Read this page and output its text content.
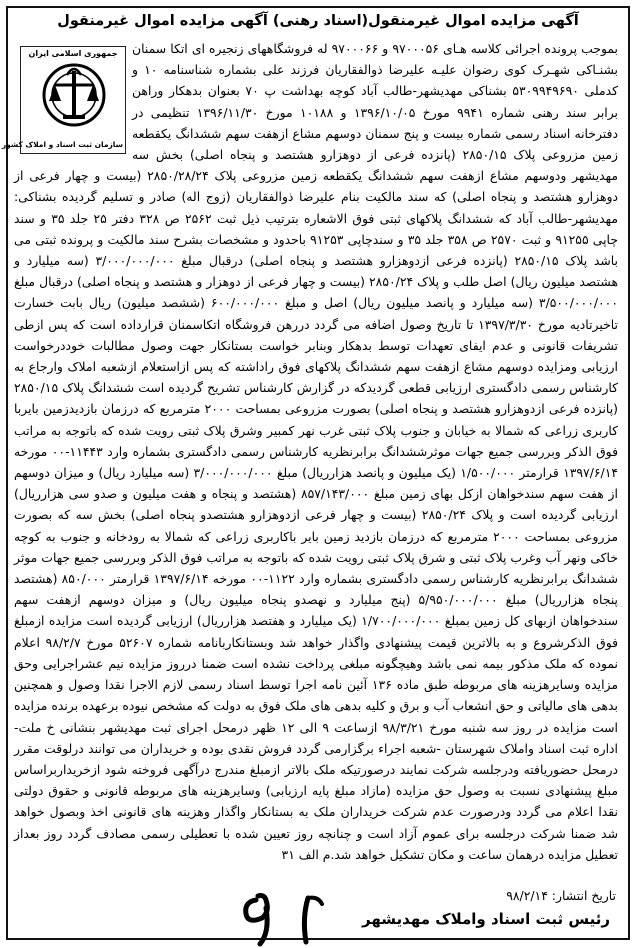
آگهی مزایده اموال غیرمنقول(اسناد رهنی) آگهی مزایده اموال غیرمنقول
جمهوری اسلامی ایران
سازمان ثبت اسناد و املاک کشور

بموجب پرونده اجرائی کلاسه هـای ۹۷۰۰۰۵۶ و ۹۷۰۰۰۶۶ له فروشگاههای زنجیره ای اتکا سمنان بشنـاکی شهـرک کوی رضوان علیـه علیرضا ذوالفقاریان فرزند علی بشماره شناسنامه ۱۰ و کدملی ۵۳۰۹۹۴۹۶۹۰ بشناکی مهدیشهر-طالب آباد کوچه بهداشت پ ۷۰ بعنوان بدهکار وراهن برابر سند رهنی شماره ۹۹۴۱ مورخ ۱۳۹۶/۱۰/۰۵ و ۱۰۱۸۸ مورخ ۱۳۹۶/۱۱/۳۰ تنظیمی در دفترخانه اسناد رسمی شماره بیست و پنج سمنان دوسهم مشاع ازهفت سهم ششدانگ یکقطعه زمین مزروعی پلاک ۲۸۵۰/۱۵ (پانزده فرعی از دوهزارو هشتصد و پنجاه اصلی) بخش سه مهدیشهر ودوسهم مشاع ازهفت سهم ششدانگ یکقطعه زمین مزروعی پلاک ۲۸۵۰/۲۸/۲۴ (بیست و چهار فرعی از دوهزارو هشتصد و پنجاه اصلی) که سند مالکیت بنام علیرضا ذوالفقاریان (زوج اله) صادر و تسلیم گردیده بشناکی: مهدیشهر-طالب آباد که ششدانگ پلاکهای ثبتی فوق الاشعاره بترتیب ذیل ثبت ۲۵۶۲ ص ۳۲۸ دفتر ۲۵ جلد ۳۵ و سند چاپی ۹۱۲۵۵ و ثبت ۲۵۷۰ ص ۳۵۸ جلد ۳۵ و سندچاپی ۹۱۲۵۳ باحدود و مشخصات بشرح سند مالکیت و پرونده ثبتی می باشد پلاک ۲۸۵۰/۱۵ (پانزده فرعی ازدوهزارو هشتصد و پنجاه اصلی) درقبال مبلغ ۳/۰۰۰/۰۰۰/۰۰۰ (سه میلیارد و هشتصد میلیون ریال) اصل طلب و پلاک ۲۸۵۰/۲۴ (بیست و چهار فرعی از دوهزار و هشتصد و پنجاه اصلی) درقبال مبلغ ۳/۵۰۰/۰۰۰/۰۰۰ (سه میلیارد و پانصد میلیون ریال) اصل و مبلغ ۶۰۰/۰۰۰/۰۰۰ (ششصد میلیون) ریال بابت خسارت تاخیرتادیه مورخ ۱۳۹۷/۳/۳۰ تا تاریخ وصول اضافه می گردد دررهن فروشگاه اتکاسمنان قرارداده است که پس ازطی تشریفات قانونی و عدم ایفای تعهدات توسط بدهکار وبنابر خواست بستانکار جهت وصول مطالبات خوددرخواست ارزیابی ومزایده دوسهم مشاع ازهفت سهم ششدانگ پلاکهای فوق راداشته که پس ازاستعلام ازشعبه املاک وارجاع به کارشناس رسمی دادگستری ارزیابی قطعی گردیدکه در گزارش کارشناس تشریح گردیده است ششدانگ پلاک ۲۸۵۰/۱۵ (پانزده فرعی ازدوهزارو هشتصد و پنجاه اصلی) بصورت مزروعی بمساحت ۲۰۰۰ مترمربع که درزمان بازدیدزمین بایربا کاربری زراعی که شمالا به خیابان و جنوب پلاک ثبتی غرب نهر کمبیر وشرق پلاک ثبتی رویت شده که باتوجه به مراتب فوق الذکر وبررسی جمیع جهات موثرششدانگ برابرنظریه کارشناس رسمی دادگستری بشماره وارد ۱۱۴۴۳-۰۰ مورخه ۱۳۹۷/۶/۱۴ قرارمتر ۱/۵۰۰/۰۰۰ (یک میلیون و پانصد هزارریال) مبلغ ۳/۰۰۰/۰۰۰/۰۰۰ (سه میلیارد ریال) و میزان دوسهم از هفت سهم سندخواهان ازکل بهای زمین مبلغ ۸۵۷/۱۴۳/۰۰۰ (هشتصد و پنجاه و هفت میلیون و صدو سی هزارریال) ارزیابی گردیده است و پلاک ۲۸۵۰/۲۴ (بیست و چهار فرعی ازدوهزارو هشتصدو پنجاه اصلی) بخش سه که بصورت مزروعی بمساحت ۲۰۰۰ مترمربع که درزمان بازدید زمین بایر باکاربری زراعی که شمالا به رودخانه و جنوب به کوچه خاکی ونهر آب وغرب پلاک ثبتی و شرق پلاک ثبتی رویت شده که باتوجه به مراتب فوق الذکر وبررسی جمیع جهات موثر ششدانگ برابرنظریه کارشناس رسمی دادگستری بشماره وارد ۱۱۲۲-۰۰ مورخه ۱۳۹۷/۶/۱۴ قرارمتر ۸۵۰/۰۰۰ (هشتصد پنجاه هزارریال) مبلغ ۵/۹۵۰/۰۰۰/۰۰۰ (پنج میلیارد و نهصدو پنجاه میلیون ریال) و میزان دوسهم ازهفت سهم سندخواهان ازبهای کل زمین بمبلغ ۱/۷۰۰/۰۰۰/۰۰۰ (یک میلیارد و هفتصد هزارریال) ارزیابی گردیده است مزایده ازمبلغ فوق الذکرشروع و به بالاترین قیمت پیشنهادی واگذار خواهد شد وبستانکاربانامه شماره ۵۲۶۰۷ مورخ ۹۸/۲/۷ اعلام نموده که ملک مذکور بیمه نمی باشد وهیچگونه مبلغی پرداخت نشده است ضمنا درروز مزایده نیم عشراجرایی وحق مزایده وسایرهزینه های مربوطه طبق ماده ۱۳۶ آئین نامه اجرا توسط اسناد رسمی لازم الاجرا نقدا وصول و همچنین بدهی های مالیاتی و حق انشعاب آب و برق و کلیه بدهی های ملک فوق به دولت که مشخص نیوده برعهده برنده مزایده است مزایده در روز سه شنبه مورخ ۹۸/۳/۲۱ ازساعت ۹ الی ۱۲ ظهر درمحل اجرای ثبت مهدیشهر بنشانی خ ملت-اداره ثبت اسناد واملاک شهرستان -شعبه اجراء برگزارمی گردد فروش نقدی بوده و خریداران می توانند درلوقت مقرر درمحل حضوریافته ودرجلسه شرکت نمایند درصورتیکه ملک بالاتر ازمبلغ مندرج درآگهی فروخته شود ازخریداربراساس مبلغ پیشنهادی نسبت به وصول حق مزایده (مازاد مبلغ پایه ارزیابی) وسایرهزینه های مربوطه قانونی و حقوق دولتی نقدا اعلام می گردد ودرصورت عدم شرکت خریداران ملک به بستانکار واگذار وهزینه های قانونی اخذ وبصول خواهد شد ضمنا شرکت درجلسه برای عموم آزاد است و چنانچه روز تعیین شده با تعطیلی رسمی مصادف گردد روز بعداز تعطیل مزایده درهمان ساعت و مکان تشکیل خواهد شد.م الف ۳۱

تاریخ انتشار: ۹۸/۲/۱۴
رئیس ثبت اسناد واملاک مهدیشهر
